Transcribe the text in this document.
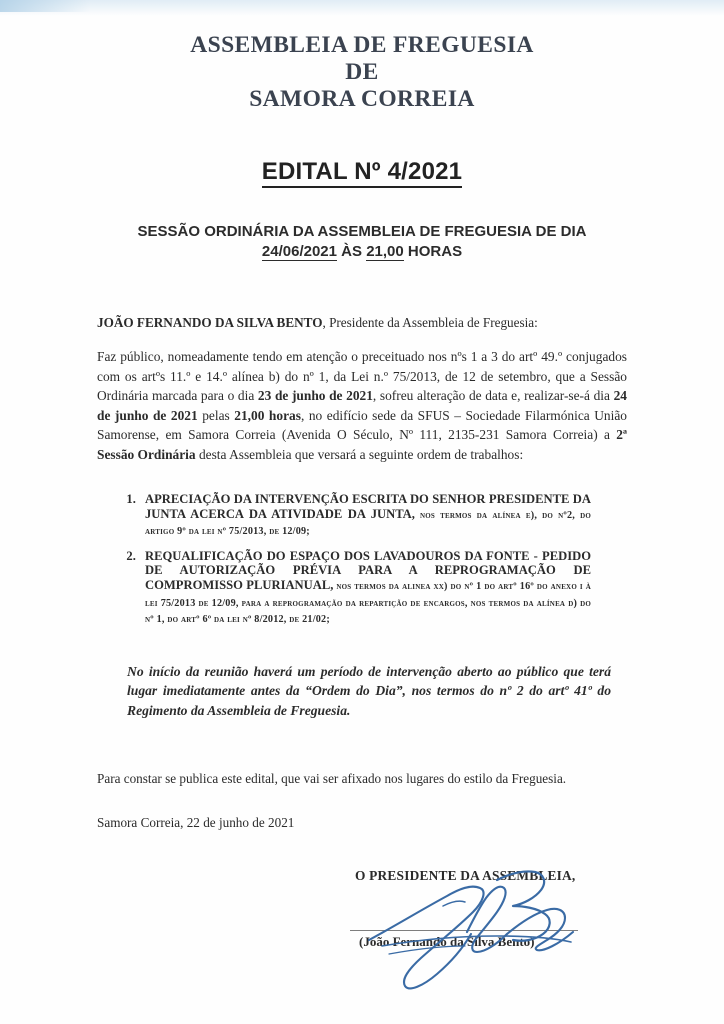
ASSEMBLEIA DE FREGUESIA
DE
SAMORA CORREIA
EDITAL Nº 4/2021
SESSÃO ORDINÁRIA DA ASSEMBLEIA DE FREGUESIA DE DIA
24/06/2021 ÀS 21,00 HORAS
JOÃO FERNANDO DA SILVA BENTO, Presidente da Assembleia de Freguesia:
Faz público, nomeadamente tendo em atenção o preceituado nos nºs 1 a 3 do artº 49.º conjugados com os artºs 11.º e 14.º alínea b) do nº 1, da Lei n.º 75/2013, de 12 de setembro, que a Sessão Ordinária marcada para o dia 23 de junho de 2021, sofreu alteração de data e, realizar-se-á dia 24 de junho de 2021 pelas 21,00 horas, no edifício sede da SFUS – Sociedade Filarmónica União Samorense, em Samora Correia (Avenida O Século, Nº 111, 2135-231 Samora Correia) a 2ª Sessão Ordinária desta Assembleia que versará a seguinte ordem de trabalhos:
1. APRECIAÇÃO DA INTERVENÇÃO ESCRITA DO SENHOR PRESIDENTE DA JUNTA ACERCA DA ATIVIDADE DA JUNTA, nos termos da alínea e), do nº2, do artigo 9º da lei nº 75/2013, de 12/09;
2. REQUALIFICAÇÃO DO ESPAÇO DOS LAVADOUROS DA FONTE - PEDIDO DE AUTORIZAÇÃO PRÉVIA PARA A REPROGRAMAÇÃO DE COMPROMISSO PLURIANUAL, nos termos da alinea xx) do nº 1 do artº 16º do anexo i à lei 75/2013 de 12/09, para a reprogramação da repartição de encargos, nos termos da alínea d) do nº 1, do artº 6º da lei nº 8/2012, de 21/02;
No início da reunião haverá um período de intervenção aberto ao público que terá lugar imediatamente antes da “Ordem do Dia”, nos termos do nº 2 do artº 41º do Regimento da Assembleia de Freguesia.
Para constar se publica este edital, que vai ser afixado nos lugares do estilo da Freguesia.
Samora Correia, 22 de junho de 2021
O PRESIDENTE DA ASSEMBLEIA,
(João Fernando da Silva Bento)
